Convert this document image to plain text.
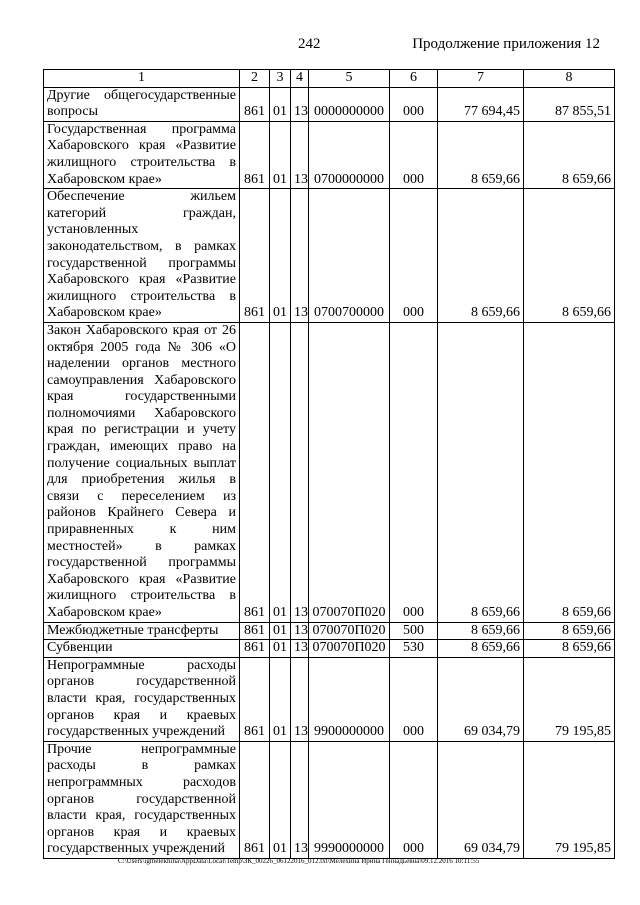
242	Продолжение приложения 12
1	2	3	4	5	6	7	8
Другие общегосударственные вопросы	861	01	13	0000000000	000	77 694,45	87 855,51
Государственная программа Хабаровского края «Развитие жилищного строительства в Хабаровском крае»	861	01	13	0700000000	000	8 659,66	8 659,66
Обеспечение жильем категорий граждан, установленных законодательством, в рамках государственной программы Хабаровского края «Развитие жилищного строительства в Хабаровском крае»	861	01	13	0700700000	000	8 659,66	8 659,66
Закон Хабаровского края от 26 октября 2005 года № 306 «О наделении органов местного самоуправления Хабаровского края государственными полномочиями Хабаровского края по регистрации и учету граждан, имеющих право на получение социальных выплат для приобретения жилья в связи с переселением из районов Крайнего Севера и приравненных к ним местностей» в рамках государственной программы Хабаровского края «Развитие жилищного строительства в Хабаровском крае»	861	01	13	070070П020	000	8 659,66	8 659,66
Межбюджетные трансферты	861	01	13	070070П020	500	8 659,66	8 659,66
Субвенции	861	01	13	070070П020	530	8 659,66	8 659,66
Непрограммные расходы органов государственной власти края, государственных органов края и краевых государственных учреждений	861	01	13	9900000000	000	69 034,79	79 195,85
Прочие непрограммные расходы в рамках непрограммных расходов органов государственной власти края, государственных органов края и краевых государственных учреждений	861	01	13	9990000000	000	69 034,79	79 195,85
C:\Users\igmelekhina\AppData\Local\Temp\ЗК_00226_06122016_012.txt\Мелехина Ирина Геннадьевна\09.12.2016 10:11:55
